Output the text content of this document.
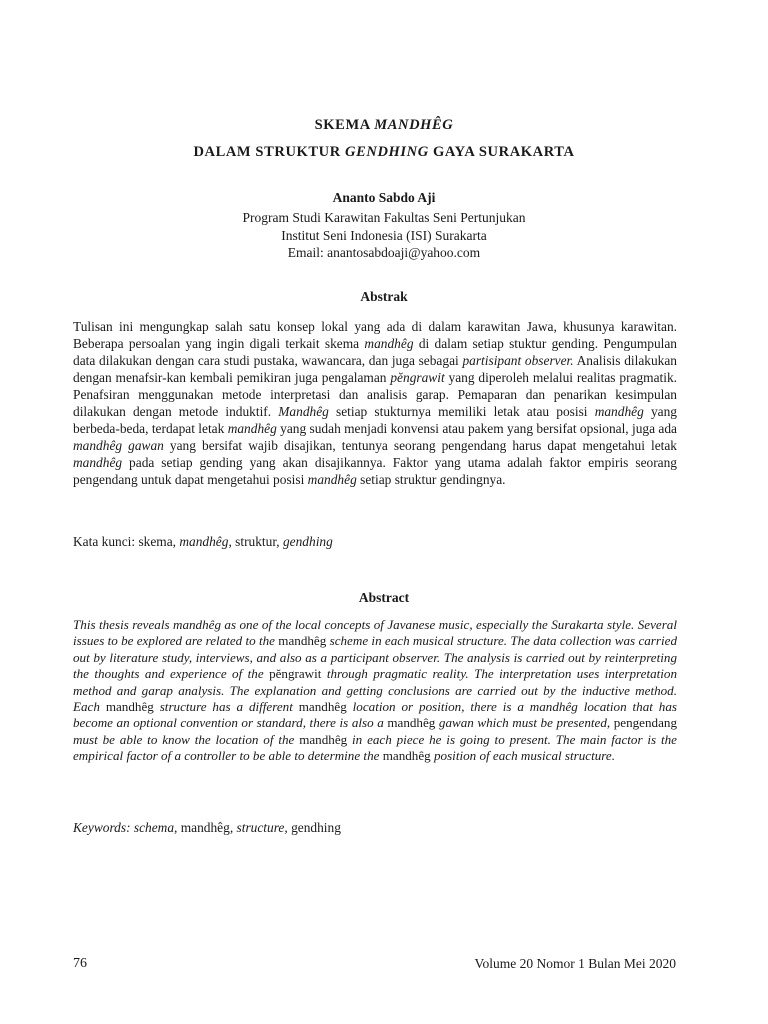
SKEMA MANDHÊG
DALAM STRUKTUR GENDHING GAYA SURAKARTA
Ananto Sabdo Aji
Program Studi Karawitan Fakultas Seni Pertunjukan
Institut Seni Indonesia (ISI) Surakarta
Email: anantosabdoaji@yahoo.com
Abstrak
Tulisan ini mengungkap salah satu konsep lokal yang ada di dalam karawitan Jawa, khusunya karawitan. Beberapa persoalan yang ingin digali terkait skema mandhêg di dalam setiap stuktur gending. Pengumpulan data dilakukan dengan cara studi pustaka, wawancara, dan juga sebagai partisipant observer. Analisis dilakukan dengan menafsir-kan kembali pemikiran juga pengalaman pĕngrawit yang diperoleh melalui realitas pragmatik. Penafsiran menggunakan metode interpretasi dan analisis garap. Pemaparan dan penarikan kesimpulan dilakukan dengan metode induktif. Mandhêg setiap stukturnya memiliki letak atau posisi mandhêg yang berbeda-beda, terdapat letak mandhêg yang sudah menjadi konvensi atau pakem yang bersifat opsional, juga ada mandhêg gawan yang bersifat wajib disajikan, tentunya seorang pengendang harus dapat mengetahui letak mandhêg pada setiap gending yang akan disajikannya. Faktor yang utama adalah faktor empiris seorang pengendang untuk dapat mengetahui posisi mandhêg setiap struktur gendingnya.
Kata kunci: skema, mandhêg, struktur, gendhing
Abstract
This thesis reveals mandhêg as one of the local concepts of Javanese music, especially the Surakarta style. Several issues to be explored are related to the mandhêg scheme in each musical structure. The data collection was carried out by literature study, interviews, and also as a participant observer. The analysis is carried out by reinterpreting the thoughts and experience of the pĕngrawit through pragmatic reality. The interpretation uses interpretation method and garap analysis. The explanation and getting conclusions are carried out by the inductive method. Each mandhêg structure has a different mandhêg location or position, there is a mandhêg location that has become an optional convention or standard, there is also a mandhêg gawan which must be presented, pengendang must be able to know the location of the mandhêg in each piece he is going to present. The main factor is the empirical factor of a controller to be able to determine the mandhêg position of each musical structure.
Keywords: schema, mandhêg, structure, gendhing
76	Volume 20 Nomor 1 Bulan Mei 2020
